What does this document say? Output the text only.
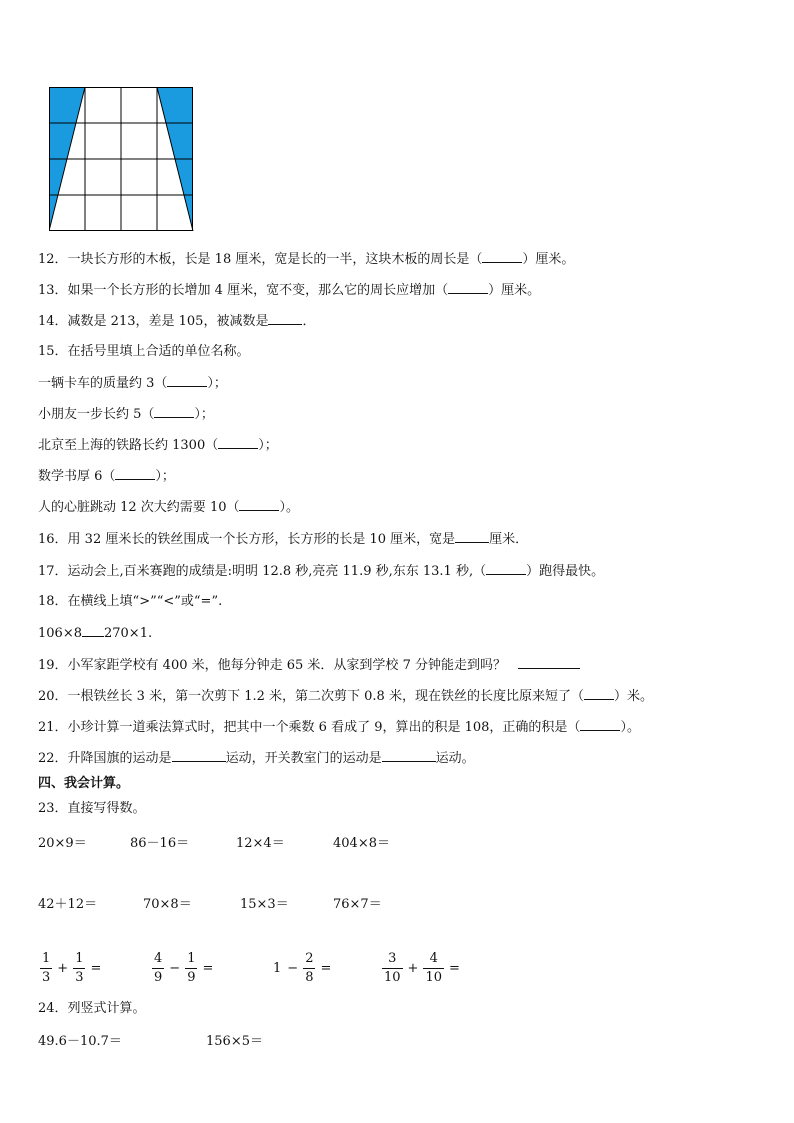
12．一块长方形的木板，长是 18 厘米，宽是长的一半，这块木板的周长是（	）厘米。
13．如果一个长方形的长增加 4 厘米，宽不变，那么它的周长应增加（	）厘米。
14．减数是 213，差是 105，被减数是	．
15．在括号里填上合适的单位名称。
一辆卡车的质量约 3（	）；
小朋友一步长约 5（	）；
北京至上海的铁路长约 1300（	）；
数学书厚 6（	）；
人的心脏跳动 12 次大约需要 10（	）。
16．用 32 厘米长的铁丝围成一个长方形，长方形的长是 10 厘米，宽是	厘米．
17．运动会上,百米赛跑的成绩是:明明 12.8 秒,亮亮 11.9 秒,东东 13.1 秒,（	）跑得最快。
18．在横线上填“>”“<”或“=”.
106×8 270×1.
19．小军家距学校有 400 米，他每分钟走 65 米．从家到学校 7 分钟能走到吗？
20．一根铁丝长 3 米，第一次剪下 1.2 米，第二次剪下 0.8 米，现在铁丝的长度比原来短了（ ）米。
21．小珍计算一道乘法算式时，把其中一个乘数 6 看成了 9，算出的积是 108，正确的积是（	）。
22．升降国旗的运动是	运动，开关教室门的运动是	运动。
四、我会计算。
23．直接写得数。
20×9＝	86－16＝	12×4＝	404×8＝
42＋12＝	70×8＝	15×3＝	76×7＝
$\frac{1}{3} + \frac{1}{3}$ =	$\frac{4}{9} - \frac{1}{9}$ =	$1 - \frac{2}{8}$ =	$\frac{3}{10} + \frac{4}{10}$ =
24．列竖式计算。
49.6－10.7＝	156×5＝
